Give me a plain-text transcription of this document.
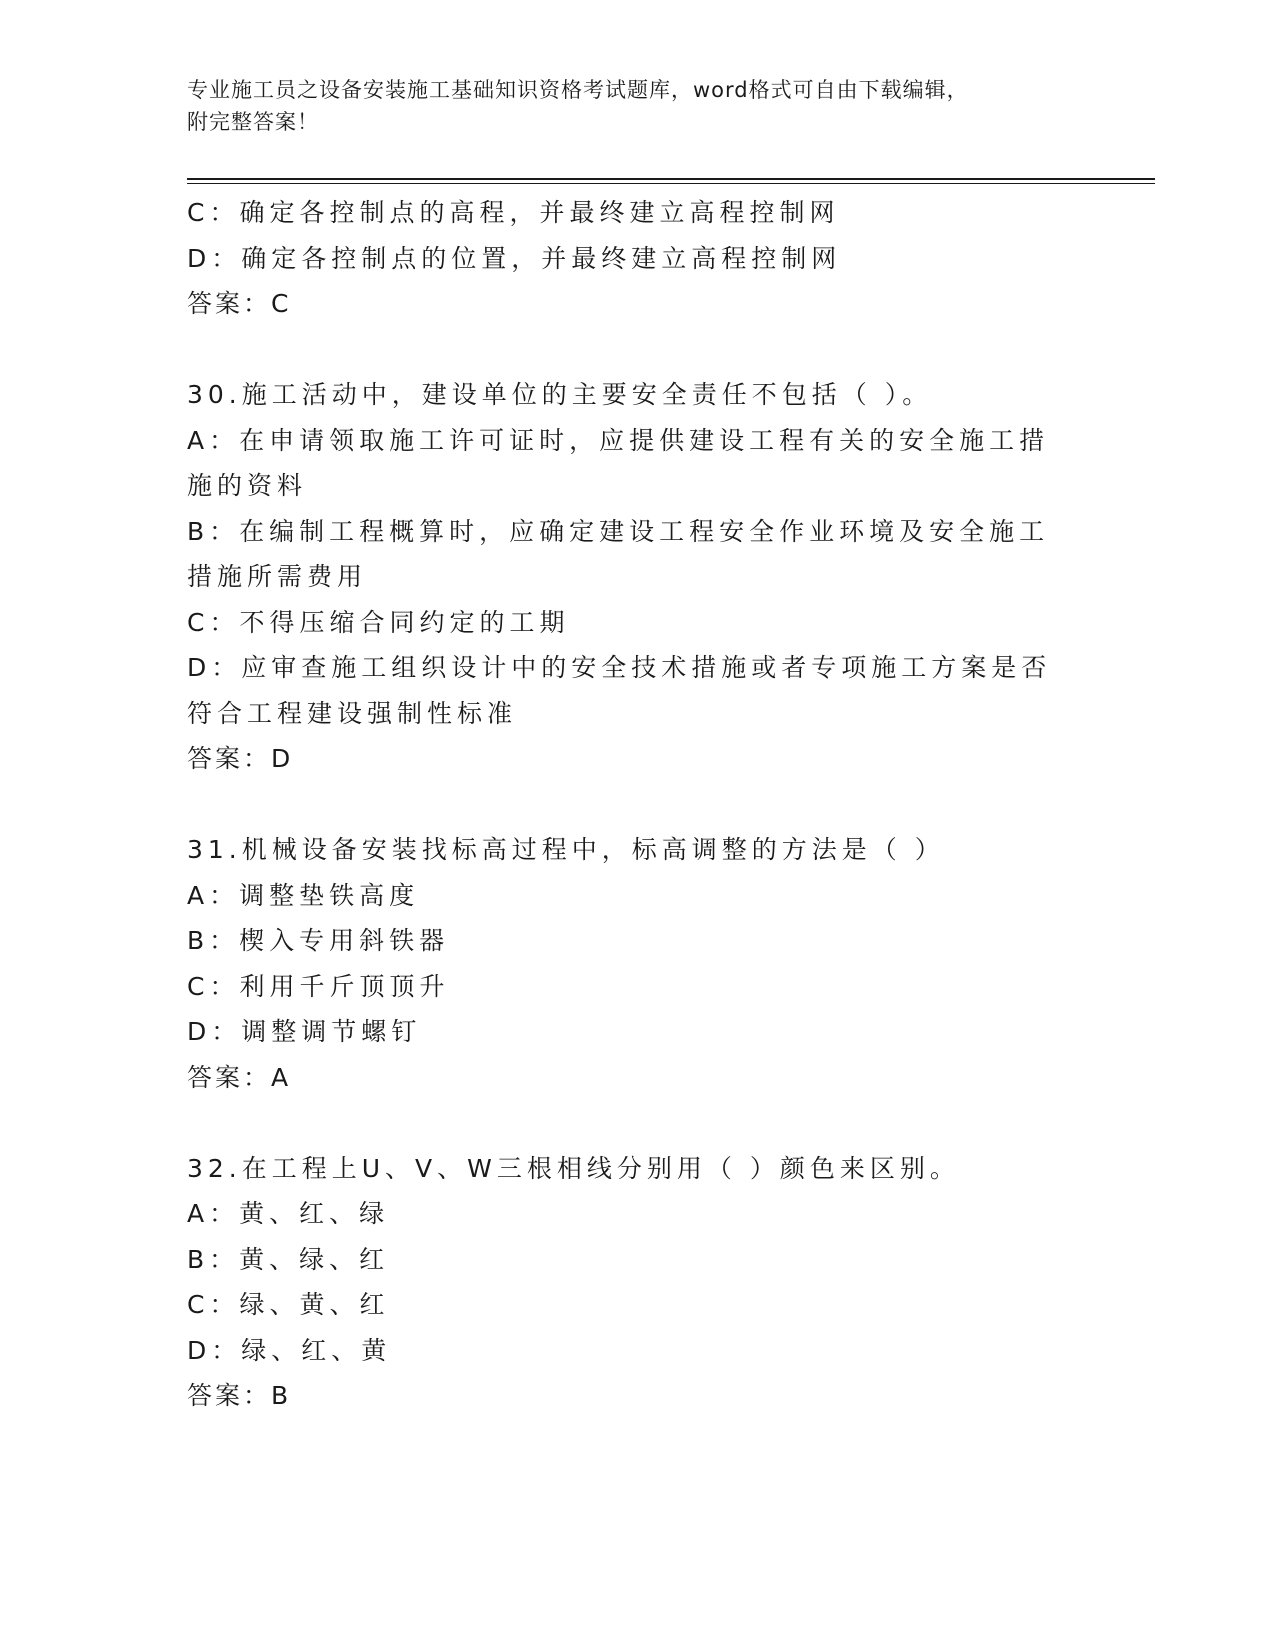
专业施工员之设备安装施工基础知识资格考试题库，word格式可自由下载编辑，
附完整答案！
C：确定各控制点的高程，并最终建立高程控制网
D：确定各控制点的位置，并最终建立高程控制网
答案：C
30.施工活动中，建设单位的主要安全责任不包括（ ）。
A：在申请领取施工许可证时，应提供建设工程有关的安全施工措施的资料
B：在编制工程概算时，应确定建设工程安全作业环境及安全施工措施所需费用
C：不得压缩合同约定的工期
D：应审查施工组织设计中的安全技术措施或者专项施工方案是否符合工程建设强制性标准
答案：D
31.机械设备安装找标高过程中，标高调整的方法是（ ）
A：调整垫铁高度
B：楔入专用斜铁器
C：利用千斤顶顶升
D：调整调节螺钉
答案：A
32.在工程上U、V、W三根相线分别用（ ）颜色来区别。
A：黄、红、绿
B：黄、绿、红
C：绿、黄、红
D：绿、红、黄
答案：B
